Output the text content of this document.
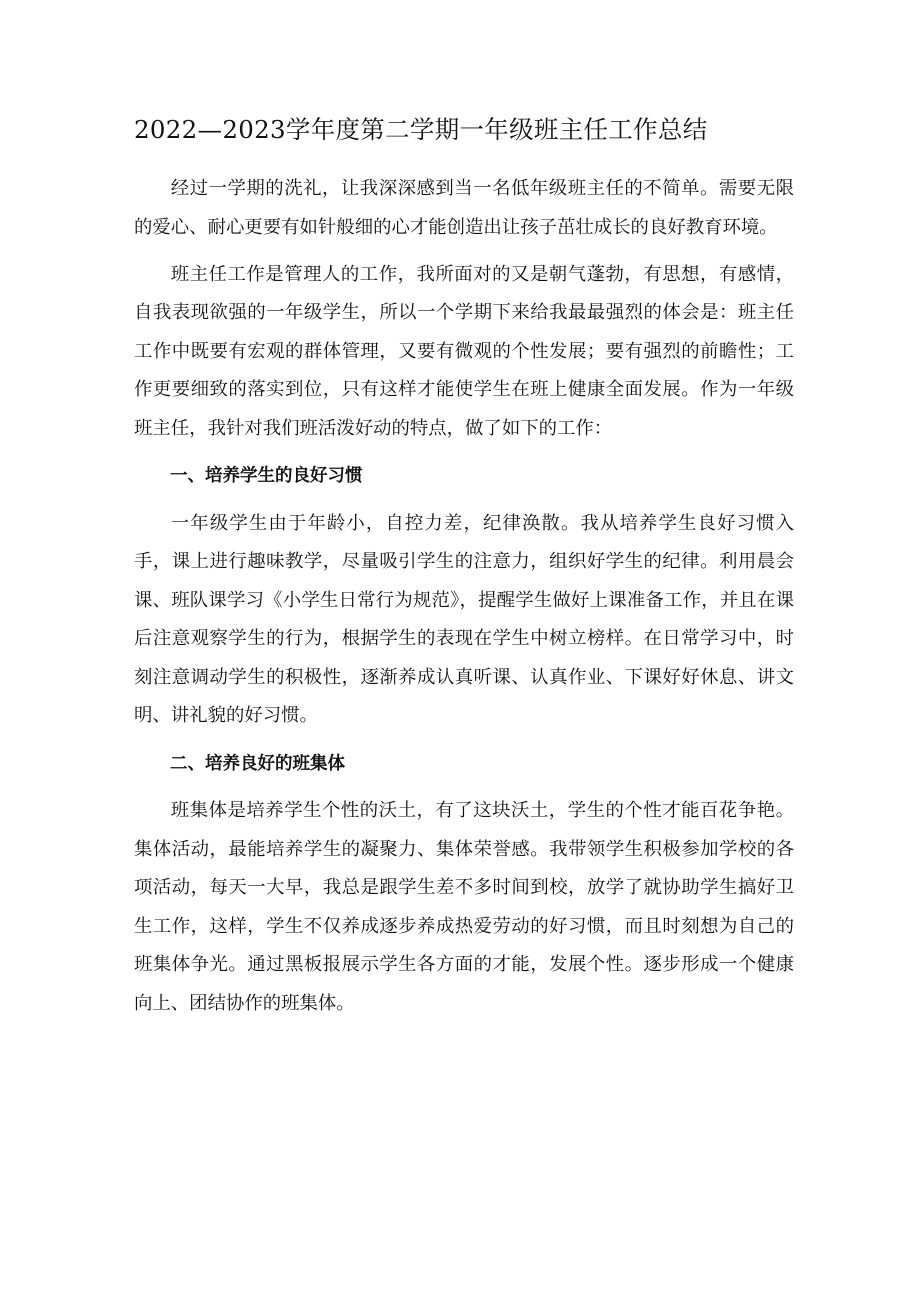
2022—2023学年度第二学期一年级班主任工作总结

经过一学期的洗礼，让我深深感到当一名低年级班主任的不简单。需要无限的爱心、耐心更要有如针般细的心才能创造出让孩子茁壮成长的良好教育环境。

班主任工作是管理人的工作，我所面对的又是朝气蓬勃，有思想，有感情，自我表现欲强的一年级学生，所以一个学期下来给我最最强烈的体会是：班主任工作中既要有宏观的群体管理，又要有微观的个性发展；要有强烈的前瞻性；工作更要细致的落实到位，只有这样才能使学生在班上健康全面发展。作为一年级班主任，我针对我们班活泼好动的特点，做了如下的工作：

一、培养学生的良好习惯

一年级学生由于年龄小，自控力差，纪律涣散。我从培养学生良好习惯入手，课上进行趣味教学，尽量吸引学生的注意力，组织好学生的纪律。利用晨会课、班队课学习《小学生日常行为规范》，提醒学生做好上课准备工作，并且在课后注意观察学生的行为，根据学生的表现在学生中树立榜样。在日常学习中，时刻注意调动学生的积极性，逐渐养成认真听课、认真作业、下课好好休息、讲文明、讲礼貌的好习惯。

二、培养良好的班集体

班集体是培养学生个性的沃土，有了这块沃土，学生的个性才能百花争艳。集体活动，最能培养学生的凝聚力、集体荣誉感。我带领学生积极参加学校的各项活动，每天一大早，我总是跟学生差不多时间到校，放学了就协助学生搞好卫生工作，这样，学生不仅养成逐步养成热爱劳动的好习惯，而且时刻想为自己的班集体争光。通过黑板报展示学生各方面的才能，发展个性。逐步形成一个健康向上、团结协作的班集体。
